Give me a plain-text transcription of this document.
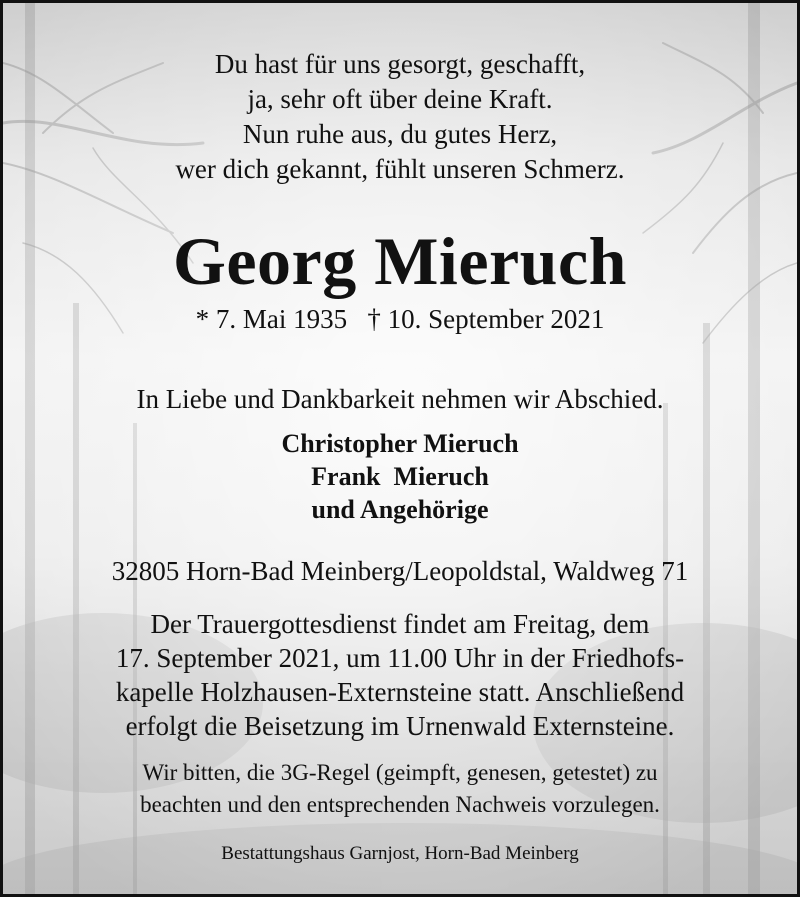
Du hast für uns gesorgt, geschafft,
ja, sehr oft über deine Kraft.
Nun ruhe aus, du gutes Herz,
wer dich gekannt, fühlt unseren Schmerz.
Georg Mieruch
* 7. Mai 1935   † 10. September 2021
In Liebe und Dankbarkeit nehmen wir Abschied.
Christopher Mieruch
Frank  Mieruch
und Angehörige
32805 Horn-Bad Meinberg/Leopoldstal, Waldweg 71
Der Trauergottesdienst findet am Freitag, dem
17. September 2021, um 11.00 Uhr in der Friedhofs-
kapelle Holzhausen-Externsteine statt. Anschließend
erfolgt die Beisetzung im Urnenwald Externsteine.
Wir bitten, die 3G-Regel (geimpft, genesen, getestet) zu
beachten und den entsprechenden Nachweis vorzulegen.
Bestattungshaus Garnjost, Horn-Bad Meinberg
